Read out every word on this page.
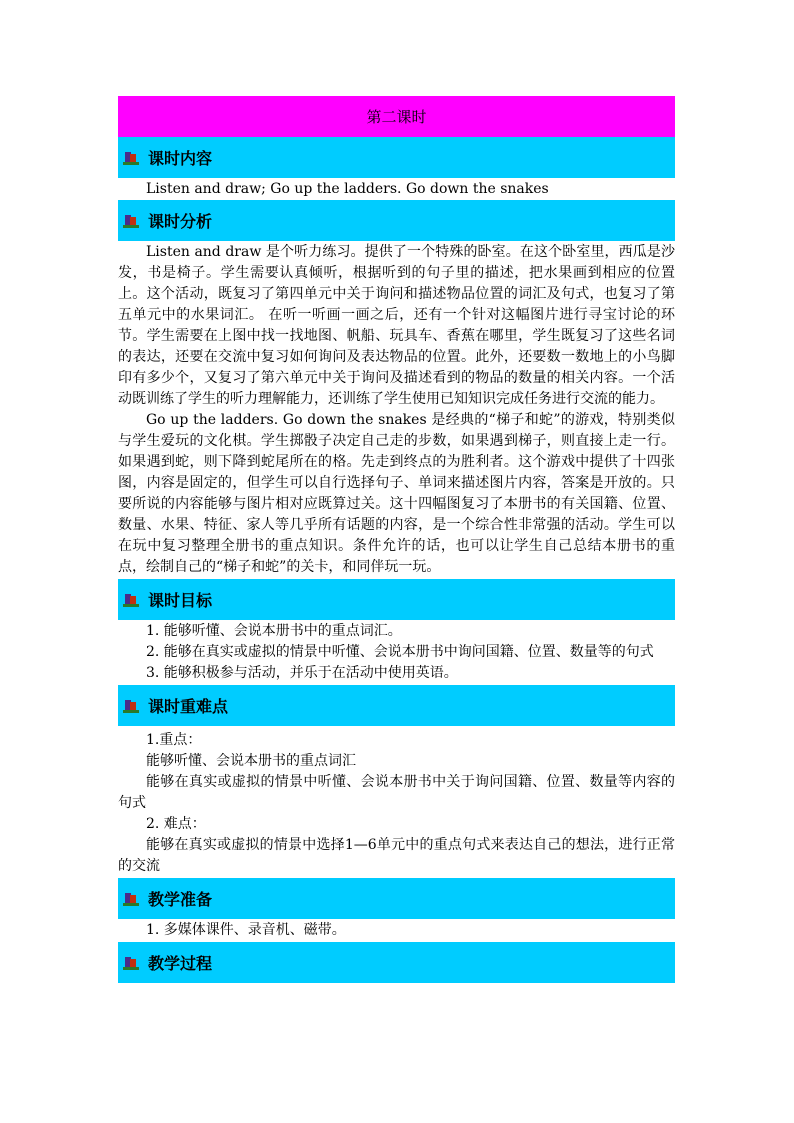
第二课时
课时内容

Listen and draw; Go up the ladders. Go down the snakes

课时分析

Listen and draw 是个听力练习。提供了一个特殊的卧室。在这个卧室里，西瓜是沙发，书是椅子。学生需要认真倾听，根据听到的句子里的描述，把水果画到相应的位置上。这个活动，既复习了第四单元中关于询问和描述物品位置的词汇及句式，也复习了第五单元中的水果词汇。 在听一听画一画之后，还有一个针对这幅图片进行寻宝讨论的环节。学生需要在上图中找一找地图、帆船、玩具车、香蕉在哪里，学生既复习了这些名词的表达，还要在交流中复习如何询问及表达物品的位置。此外，还要数一数地上的小鸟脚印有多少个，又复习了第六单元中关于询问及描述看到的物品的数量的相关内容。一个活动既训练了学生的听力理解能力，还训练了学生使用已知知识完成任务进行交流的能力。

Go up the ladders. Go down the snakes 是经典的“梯子和蛇”的游戏，特别类似与学生爱玩的文化棋。学生掷骰子决定自己走的步数，如果遇到梯子，则直接上走一行。如果遇到蛇，则下降到蛇尾所在的格。先走到终点的为胜利者。这个游戏中提供了十四张图，内容是固定的，但学生可以自行选择句子、单词来描述图片内容，答案是开放的。只要所说的内容能够与图片相对应既算过关。这十四幅图复习了本册书的有关国籍、位置、数量、水果、特征、家人等几乎所有话题的内容，是一个综合性非常强的活动。学生可以在玩中复习整理全册书的重点知识。条件允许的话，也可以让学生自己总结本册书的重点，绘制自己的“梯子和蛇”的关卡，和同伴玩一玩。

课时目标

1. 能够听懂、会说本册书中的重点词汇。

2. 能够在真实或虚拟的情景中听懂、会说本册书中询问国籍、位置、数量等的句式

3. 能够积极参与活动，并乐于在活动中使用英语。

课时重难点

1.重点：

能够听懂、会说本册书的重点词汇

能够在真实或虚拟的情景中听懂、会说本册书中关于询问国籍、位置、数量等内容的句式

2. 难点：

能够在真实或虚拟的情景中选择1—6单元中的重点句式来表达自己的想法，进行正常的交流

教学准备

1. 多媒体课件、录音机、磁带。

教学过程
